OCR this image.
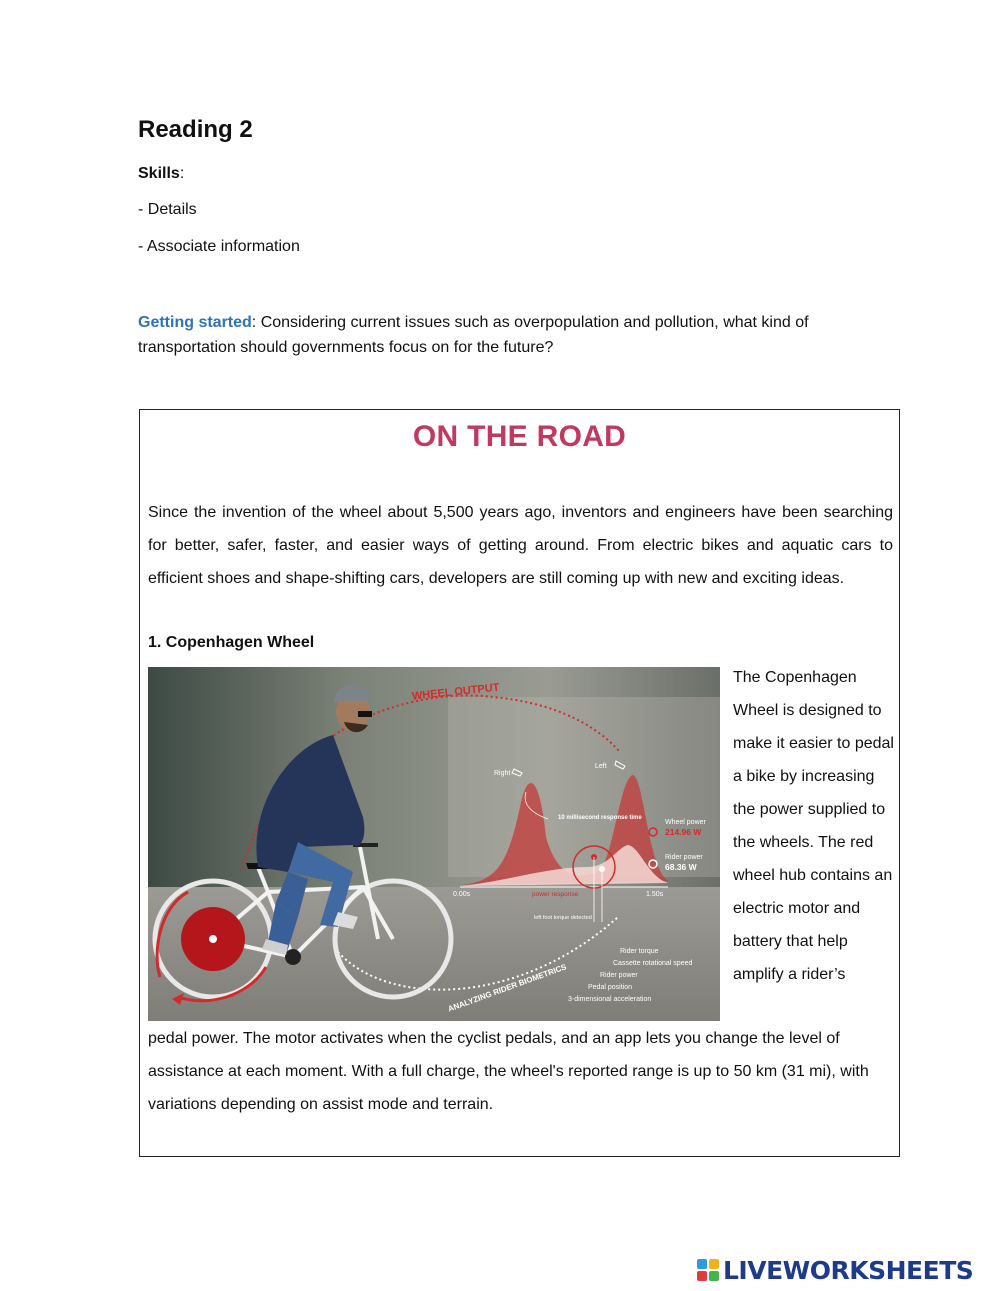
Reading 2
Skills:
- Details
- Associate information
Getting started: Considering current issues such as overpopulation and pollution, what kind of transportation should governments focus on for the future?
ON THE ROAD
Since the invention of the wheel about 5,500 years ago, inventors and engineers have been searching for better, safer, faster, and easier ways of getting around. From electric bikes and aquatic cars to efficient shoes and shape-shifting cars, developers are still coming up with new and exciting ideas.
1. Copenhagen Wheel
Right
Left
10 millisecond response time
Wheel power
214.96 W
Rider power
68.36 W
0.00s	1.50s
power response
left foot torque detected
WHEEL OUTPUT
ANALYZING RIDER BIOMETRICS
Rider torque
Cassette rotational speed
Rider power
Pedal position
3-dimensional acceleration
The Copenhagen Wheel is designed to make it easier to pedal a bike by increasing the power supplied to the wheels. The red wheel hub contains an electric motor and battery that help amplify a rider’s
pedal power. The motor activates when the cyclist pedals, and an app lets you change the level of assistance at each moment. With a full charge, the wheel's reported range is up to 50 km (31 mi), with variations depending on assist mode and terrain.
LIVEWORKSHEETS
